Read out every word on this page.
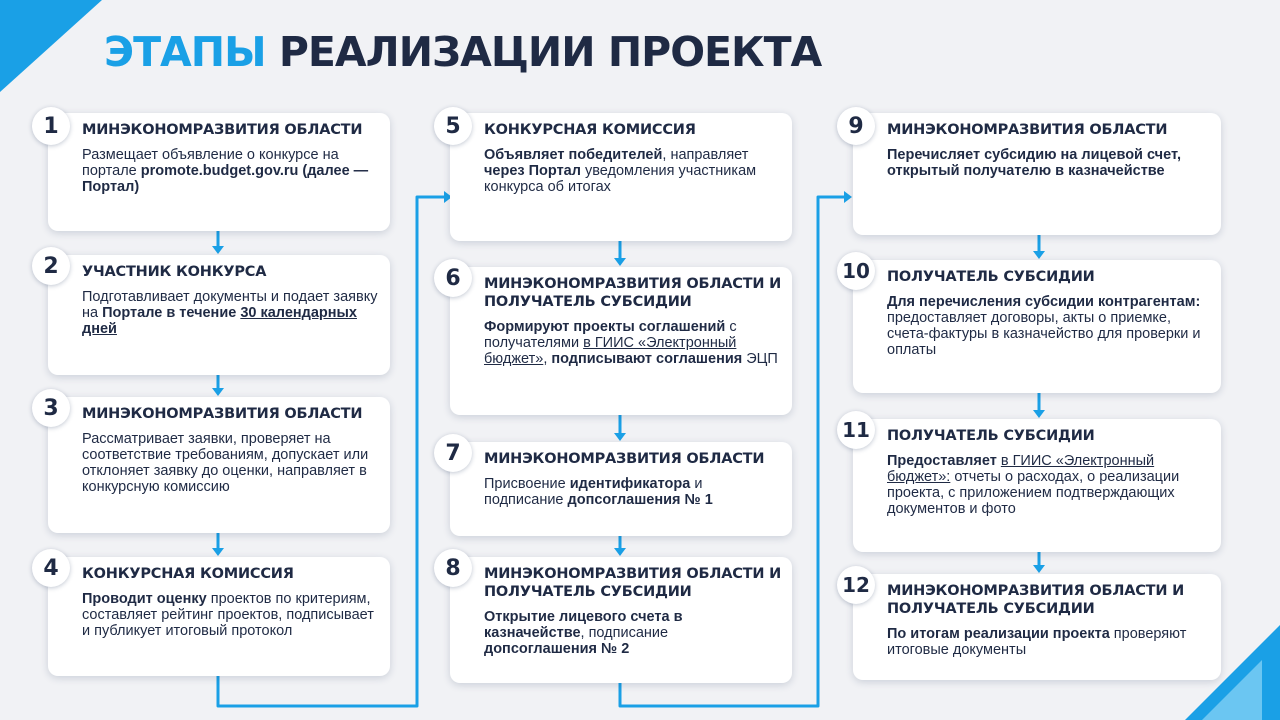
ЭТАПЫ РЕАЛИЗАЦИИ ПРОЕКТА
МИНЭКОНОМРАЗВИТИЯ ОБЛАСТИ
Размещает объявление о конкурсе на порталe promote.budget.gov.ru (далее — Портал)
УЧАСТНИК КОНКУРСА
Подготавливает документы и подает заявку на Портале в течение 30 календарных дней
МИНЭКОНОМРАЗВИТИЯ ОБЛАСТИ
Рассматривает заявки, проверяет на соответствие требованиям, допускает или отклоняет заявку до оценки, направляет в конкурсную комиссию
КОНКУРСНАЯ КОМИССИЯ
Проводит оценку проектов по критериям, составляет рейтинг проектов, подписывает и публикует итоговый протокол
КОНКУРСНАЯ КОМИССИЯ
Объявляет победителей, направляет через Портал уведомления участникам конкурса об итогах
МИНЭКОНОМРАЗВИТИЯ ОБЛАСТИ И ПОЛУЧАТЕЛЬ СУБСИДИИ
Формируют проекты соглашений с получателями в ГИИС «Электронный бюджет», подписывают соглашения ЭЦП
МИНЭКОНОМРАЗВИТИЯ ОБЛАСТИ
Присвоение идентификатора и подписание допсоглашения № 1
МИНЭКОНОМРАЗВИТИЯ ОБЛАСТИ И ПОЛУЧАТЕЛЬ СУБСИДИИ
Открытие лицевого счета в казначействе, подписание допсоглашения № 2
МИНЭКОНОМРАЗВИТИЯ ОБЛАСТИ
Перечисляет субсидию на лицевой счет, открытый получателю в казначействе
ПОЛУЧАТЕЛЬ СУБСИДИИ
Для перечисления субсидии контрагентам: предоставляет договоры, акты о приемке, счета-фактуры в казначейство для проверки и оплаты
ПОЛУЧАТЕЛЬ СУБСИДИИ
Предоставляет в ГИИС «Электронный бюджет»: отчеты о расходах, о реализации проекта, с приложением подтверждающих документов и фото
МИНЭКОНОМРАЗВИТИЯ ОБЛАСТИ И ПОЛУЧАТЕЛЬ СУБСИДИИ
По итогам реализации проекта проверяют итоговые документы
1
2
3
4
5
6
7
8
9
10
11
12
